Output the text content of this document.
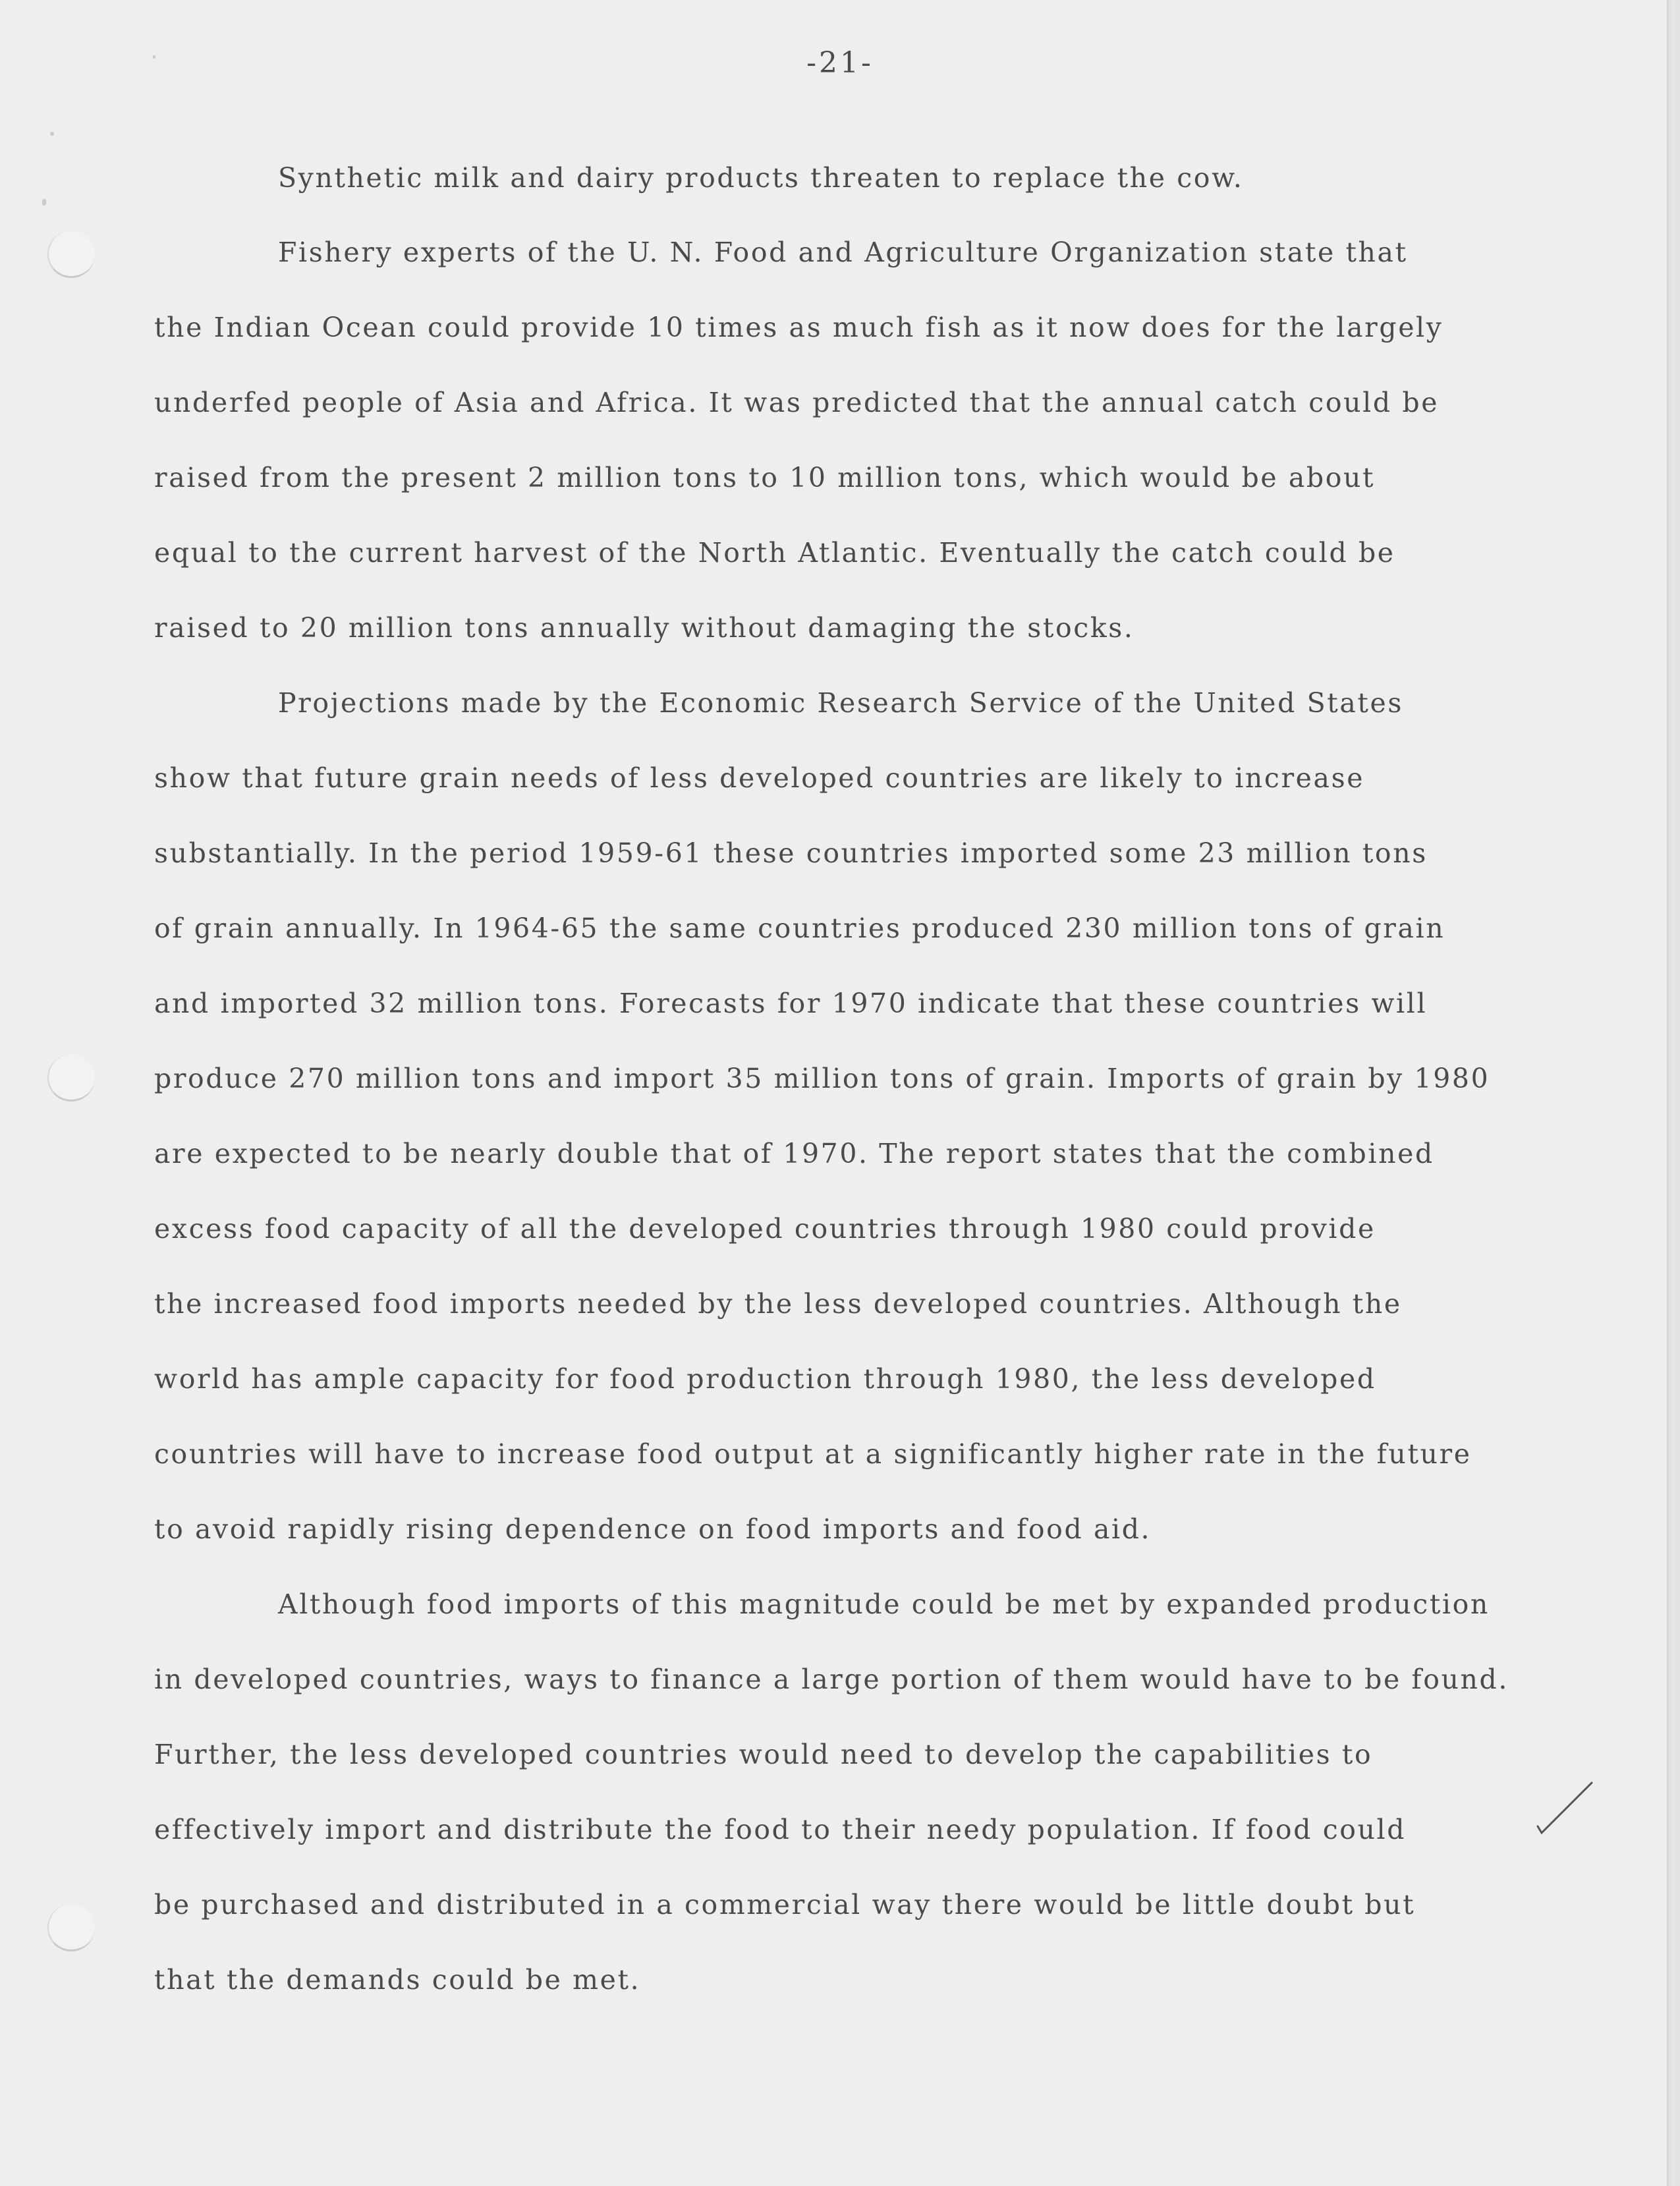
-21-
Synthetic milk and dairy products threaten to replace the cow.
Fishery experts of the U. N. Food and Agriculture Organization state that
the Indian Ocean could provide 10 times as much fish as it now does for the largely
underfed people of Asia and Africa. It was predicted that the annual catch could be
raised from the present 2 million tons to 10 million tons, which would be about
equal to the current harvest of the North Atlantic. Eventually the catch could be
raised to 20 million tons annually without damaging the stocks.
Projections made by the Economic Research Service of the United States
show that future grain needs of less developed countries are likely to increase
substantially. In the period 1959-61 these countries imported some 23 million tons
of grain annually. In 1964-65 the same countries produced 230 million tons of grain
and imported 32 million tons. Forecasts for 1970 indicate that these countries will
produce 270 million tons and import 35 million tons of grain. Imports of grain by 1980
are expected to be nearly double that of 1970. The report states that the combined
excess food capacity of all the developed countries through 1980 could provide
the increased food imports needed by the less developed countries. Although the
world has ample capacity for food production through 1980, the less developed
countries will have to increase food output at a significantly higher rate in the future
to avoid rapidly rising dependence on food imports and food aid.
Although food imports of this magnitude could be met by expanded production
in developed countries, ways to finance a large portion of them would have to be found.
Further, the less developed countries would need to develop the capabilities to
effectively import and distribute the food to their needy population. If food could
be purchased and distributed in a commercial way there would be little doubt but
that the demands could be met.
